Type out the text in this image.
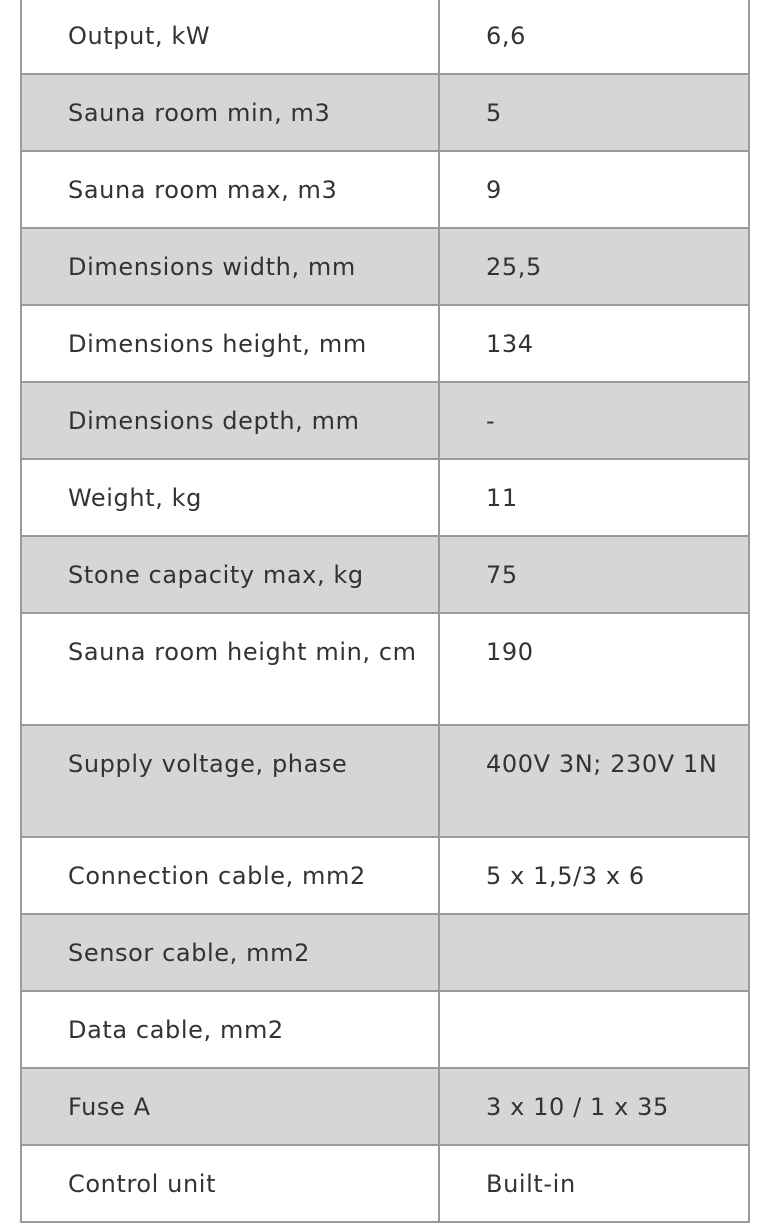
Output, kW	6,6
Sauna room min, m3	5
Sauna room max, m3	9
Dimensions width, mm	25,5
Dimensions height, mm	134
Dimensions depth, mm	-
Weight, kg	11
Stone capacity max, kg	75
Sauna room height min, cm	190
Supply voltage, phase	400V 3N; 230V 1N
Connection cable, mm2	5 x 1,5/3 x 6
Sensor cable, mm2	
Data cable, mm2	
Fuse A	3 x 10 / 1 x 35
Control unit	Built-in
